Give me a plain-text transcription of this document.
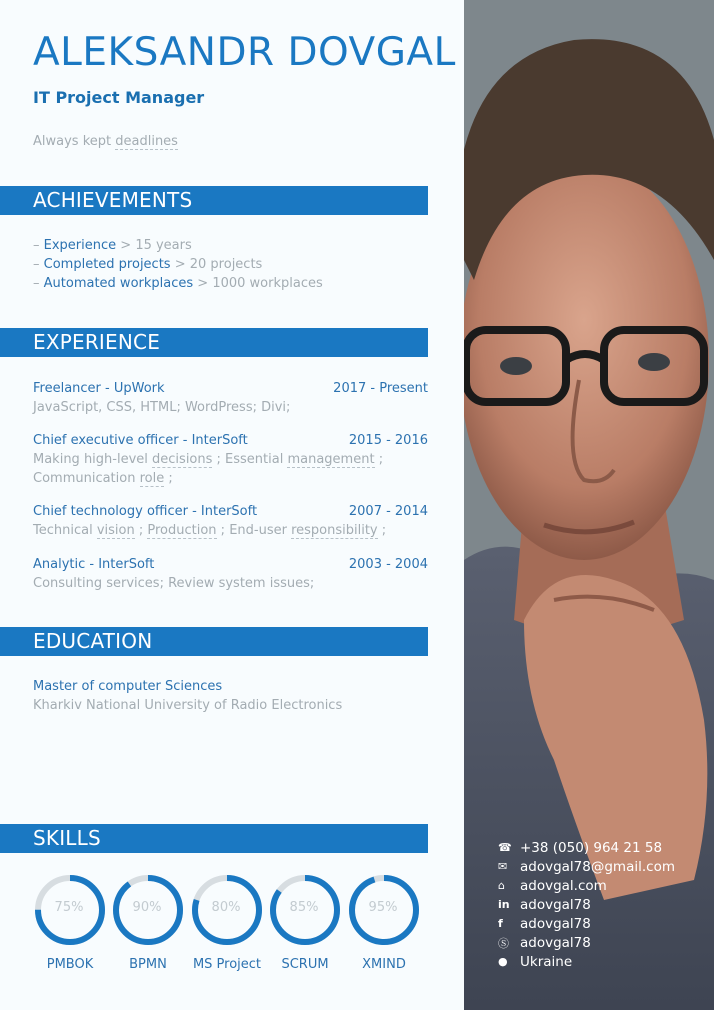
ALEKSANDR DOVGAL
IT Project Manager
Always kept deadlines
ACHIEVEMENTS
– Experience > 15 years
– Completed projects > 20 projects
– Automated workplaces > 1000 workplaces
EXPERIENCE
Freelancer - UpWork	2017 - Present
JavaScript, CSS, HTML; WordPress; Divi;
Chief executive officer - InterSoft	2015 - 2016
Making high-level decisions ; Essential management ;
Communication role ;
Chief technology officer - InterSoft	2007 - 2014
Technical vision ; Production ; End-user responsibility ;
Analytic - InterSoft	2003 - 2004
Consulting services; Review system issues;
EDUCATION
Master of computer Sciences
Kharkiv National University of Radio Electronics
SKILLS
75%
PMBOK
90%
BPMN
80%
MS Project
85%
SCRUM
95%
XMIND
☎ +38 (050) 964 21 58
✉ adovgal78@gmail.com
⌂	adovgal.com
in adovgal78
f	adovgal78
Ⓢ adovgal78
● Ukraine
